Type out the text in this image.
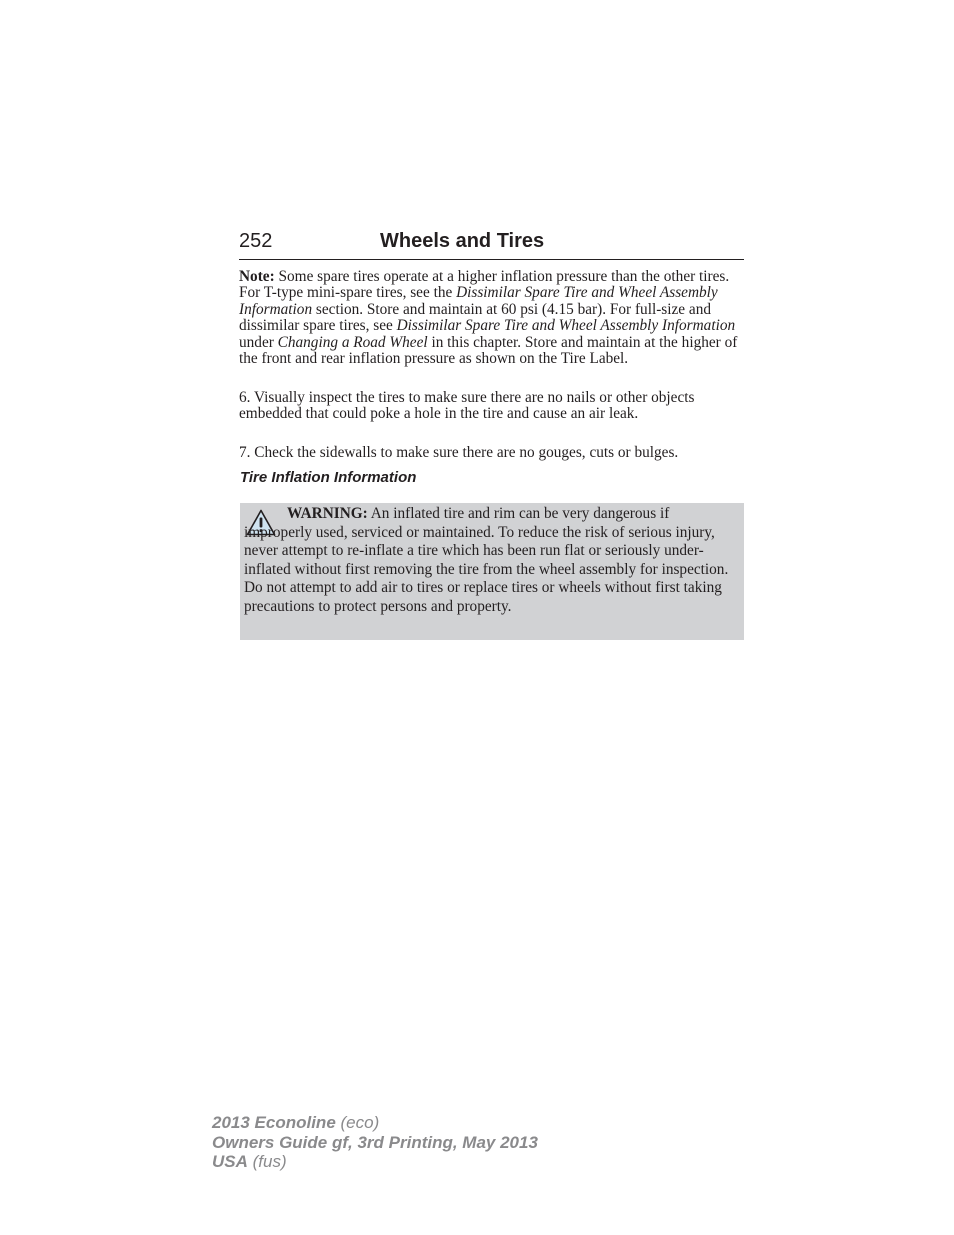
252	Wheels and Tires

Note: Some spare tires operate at a higher inflation pressure than the other tires. For T-type mini-spare tires, see the Dissimilar Spare Tire and Wheel Assembly Information section. Store and maintain at 60 psi (4.15 bar). For full-size and dissimilar spare tires, see Dissimilar Spare Tire and Wheel Assembly Information under Changing a Road Wheel in this chapter. Store and maintain at the higher of the front and rear inflation pressure as shown on the Tire Label.

6. Visually inspect the tires to make sure there are no nails or other objects embedded that could poke a hole in the tire and cause an air leak.

7. Check the sidewalls to make sure there are no gouges, cuts or bulges.

Tire Inflation Information

WARNING: An inflated tire and rim can be very dangerous if improperly used, serviced or maintained. To reduce the risk of serious injury, never attempt to re-inflate a tire which has been run flat or seriously under-inflated without first removing the tire from the wheel assembly for inspection. Do not attempt to add air to tires or replace tires or wheels without first taking precautions to protect persons and property.

2013 Econoline (eco)
Owners Guide gf, 3rd Printing, May 2013
USA (fus)
